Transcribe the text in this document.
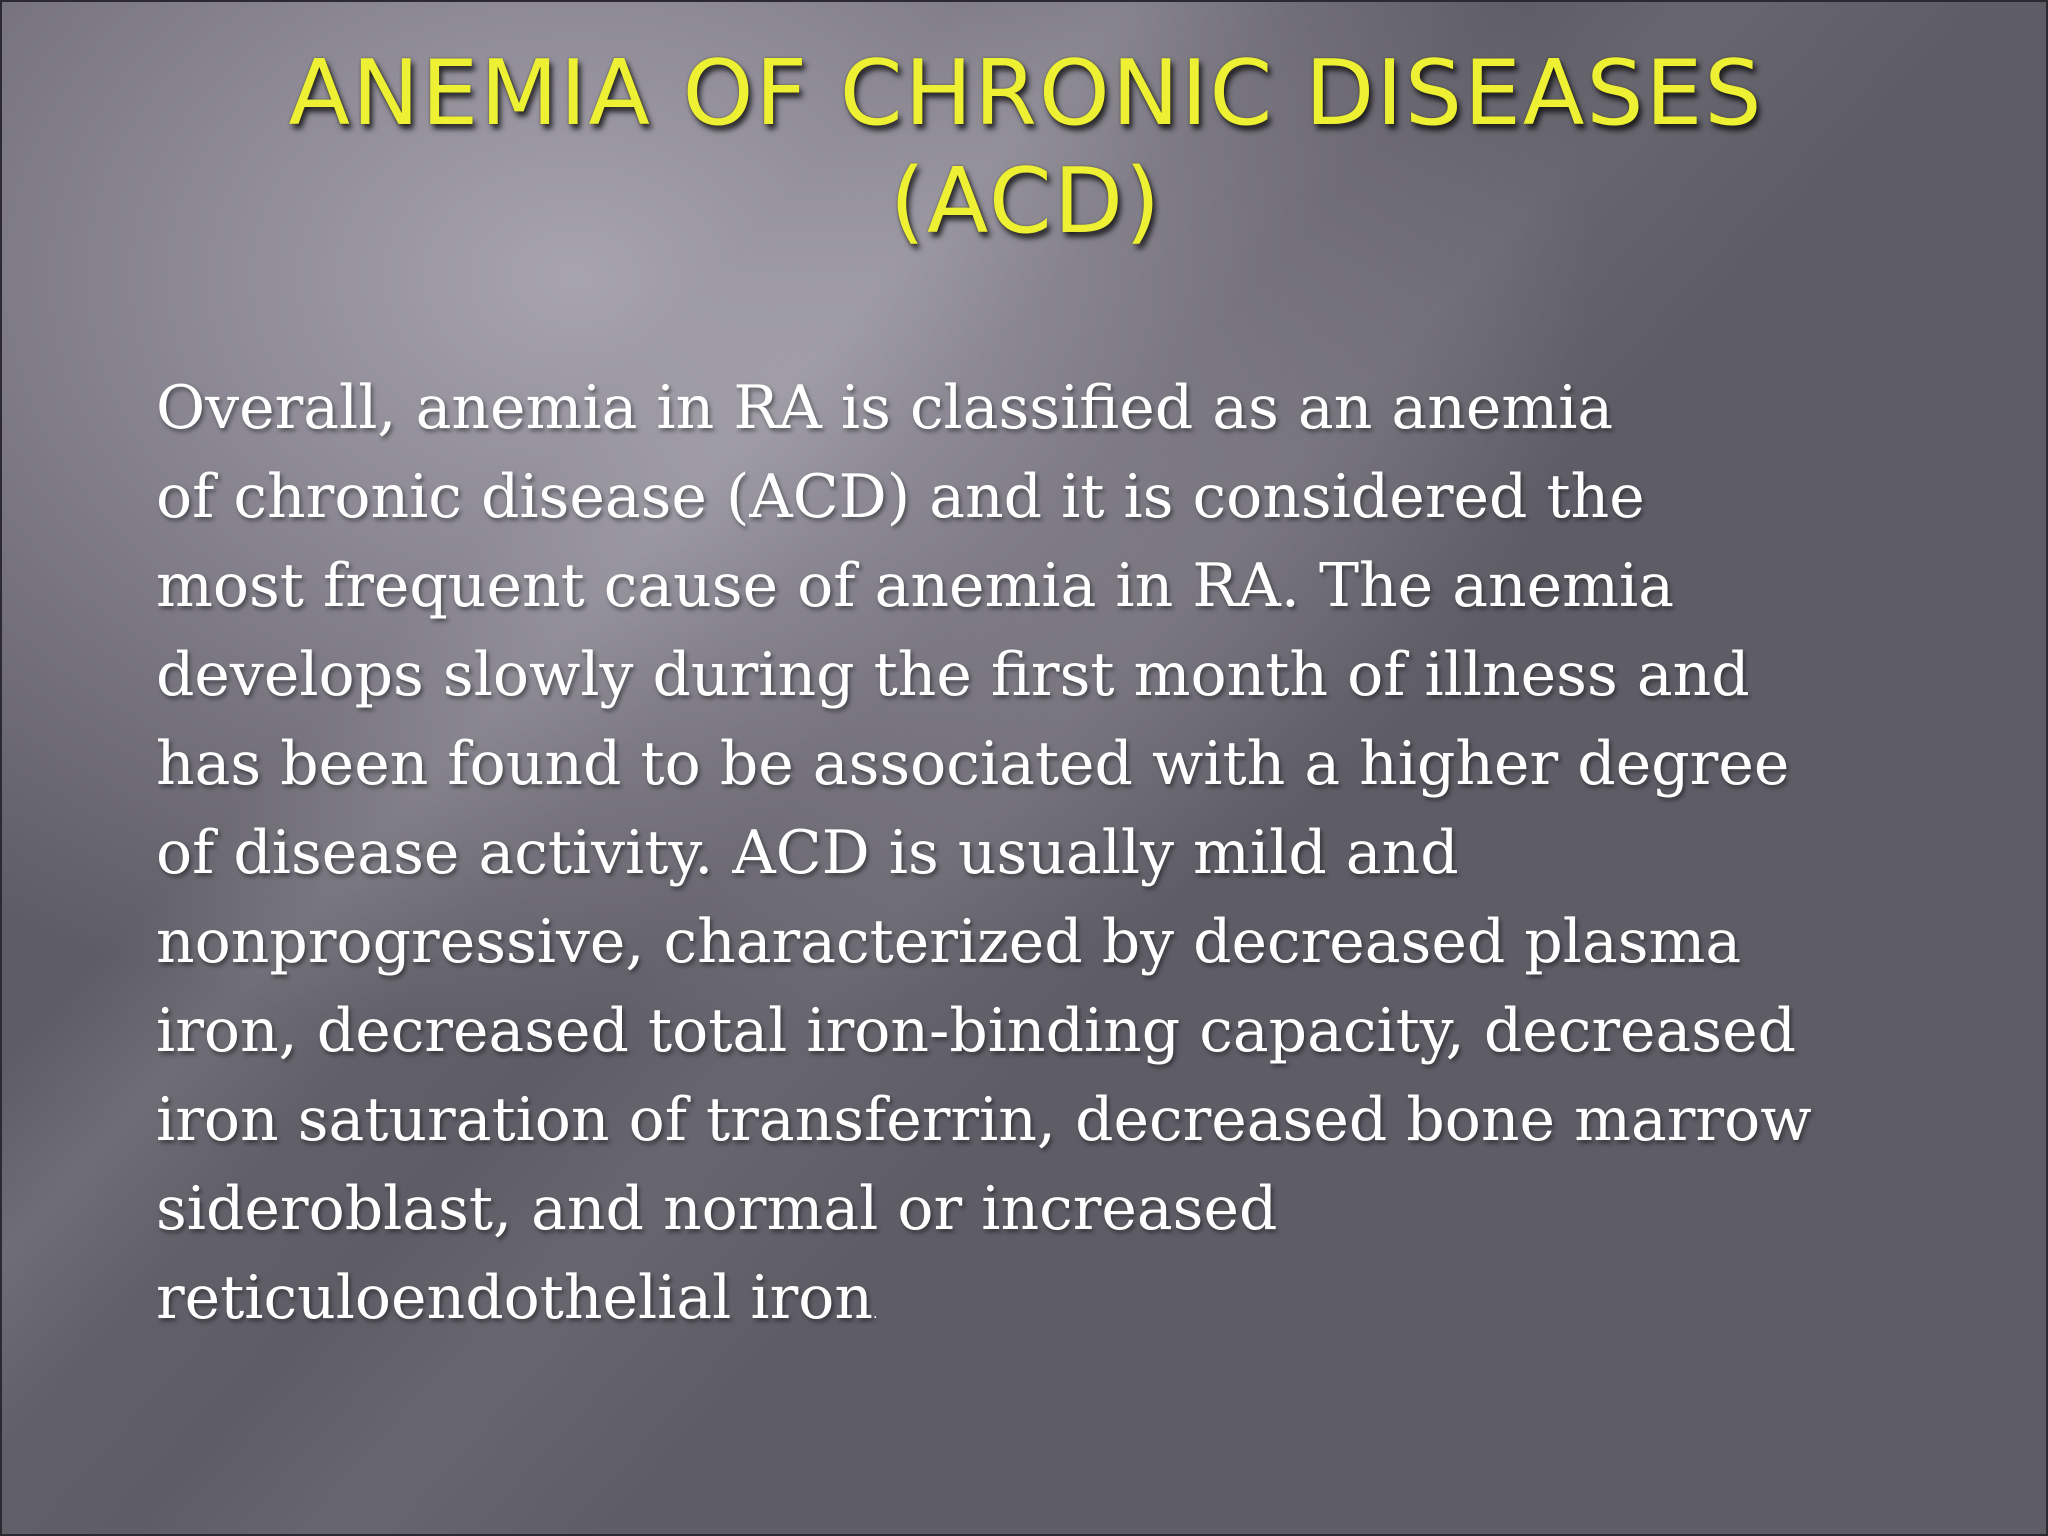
ANEMIA OF CHRONIC DISEASES
(ACD)
Overall, anemia in RA is classified as an anemia
of chronic disease (ACD) and it is considered the
most frequent cause of anemia in RA. The anemia
develops slowly during the first month of illness and
has been found to be associated with a higher degree
of disease activity. ACD is usually mild and
nonprogressive, characterized by decreased plasma
iron, decreased total iron-binding capacity, decreased
iron saturation of transferrin, decreased bone marrow
sideroblast, and normal or increased
reticuloendothelial iron.
